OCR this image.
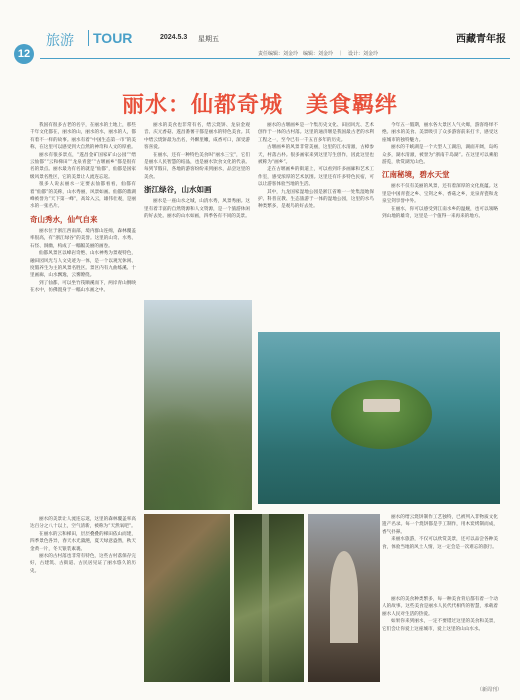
12
旅游	TOUR	2024.5.3 星期五	西藏青年报
责任编辑：刘金玲　编辑：刘金玲　｜　设计：刘金玲
丽水：仙都奇城　美食羁绊

我国有很多古老的名字，在丽水的土地上，那些千年文化都在，丽水的山，丽水的水，丽水的人，都有着不一样的故事。丽水有着“中国生态第一市”的美称，在这里可以感受到大自然的神奇和人文的厚重。

丽水有很多景点，“遂昌金矿国家矿山公园”“缙云仙都”“云和梯田”“龙泉青瓷”“古堰画乡”都是很有名的景点。丽水最为有名的就是“仙都”，仙都是国家级风景名胜区，它的美景让人流连忘返。

很多人说去丽水一定要去仙都看看，仙都有着“仙都”的美称，山水秀丽，风景如画。仙都的鼎湖峰被誉为“天下第一峰”，高耸入云，雄伟壮观，是丽水的一张名片。

奇山秀水，仙气自来

丽水位于浙江西南部，境内群山连绵，森林覆盖率很高，有“浙江绿谷”的美誉。这里的山奇、水秀、石怪、洞幽，构成了一幅幅美丽的画卷。

仙都风景区以峰岩奇绝、山水神秀为景观特色，融田园风光与人文史迹为一体，是一个以观光休闲、度假养生为主的风景名胜区。景区内有九曲练溪、十里画廊，山水飘逸，云雾缭绕。

到了仙都，可以坐竹筏顺溪而下，两岸青山倒映在水中，仿佛置身于一幅山水画之中。

丽水的美食也非常有名，缙云烧饼、龙泉金观音、庆元香菇、遂昌番薯干都是丽水的特色美食。其中缙云烧饼最为出名，外酥里嫩，咸香可口，深受游客喜爱。

在丽水，还有一种特色美食叫“丽水三宝”，它们是丽水人民智慧的结晶，也是丽水饮食文化的代表。每到节假日，各地的游客纷纷来到丽水，品尝这里的美食。

浙江绿谷，山水如画

丽水是一座山水之城，山清水秀，风景秀丽。这里有着丰富的自然资源和人文资源，是一个旅游休闲的好去处。丽水的山水如画，四季各有不同的美景。

丽水的古堰画乡是一个集历史文化、田园风光、艺术创作于一体的古村落。这里的通济堰是我国最古老的水利工程之一，至今已有一千五百多年的历史。

古堰画乡的风景非常美丽，这里的江水清澈，古樟参天，村落古朴。很多画家来到这里写生创作，因此这里也被称为“画乡”。

走在古堰画乡的街道上，可以看到许多画廊和艺术工作室，感受浓厚的艺术氛围。这里还有许多特色民宿，可以让游客体验当地的生活。

其中，九龙国家湿地公园是浙江省唯一一处集湿地保护、科普宣教、生态旅游于一体的湿地公园，这里的水鸟种类繁多，是观鸟的好去处。

今年五一假期，丽水各大景区人气火爆，游客络绎不绝。丽水的美食、美景吸引了众多游客前来打卡，感受这座城市的独特魅力。

丽水的千峡湖是一个大型人工湖泊，湖面开阔，岛屿众多，湖水清澈，被誉为“浙南千岛湖”。在这里可以乘船游览，欣赏湖光山色。

江南秘境，碧水天堂

丽水不仅有美丽的风景，还有着深厚的文化底蕴。这里是中国青瓷之乡、宝剑之乡、香菇之乡，龙泉青瓷和龙泉宝剑享誉中外。

在丽水，你可以感受到江南水乡的温婉，也可以领略到山地的雄奇，这里是一个值得一来再来的地方。

丽水的美景让人流连忘返，这里的森林覆盖率高达百分之八十以上，空气清新，被称为“天然氧吧”。

在丽水的云和梯田，层层叠叠的梯田依山而建，四季景色各异，春天水光潋滟，夏天绿意盎然，秋天金黄一片，冬天银装素裹。

丽水的古村落也非常有特色，这些古村落保存完好，古建筑、古街道、古民居见证了丽水悠久的历史。

丽水的缙云烧饼制作工艺独特，已被列入非物质文化遗产名录。每一个烧饼都是手工制作，用木炭烤制而成，香气扑鼻。

来丽水旅游，不仅可以欣赏美景，还可以品尝各种美食，体验当地的风土人情，这一定会是一次难忘的旅行。

丽水的美食种类繁多，每一种美食背后都有着一个动人的故事。这些美食是丽水人民代代相传的智慧，承载着丽水人民对生活的热爱。

如果你来到丽水，一定不要错过这里的美食和美景，它们会让你爱上这座城市，爱上这里的山山水水。

（新周刊）
